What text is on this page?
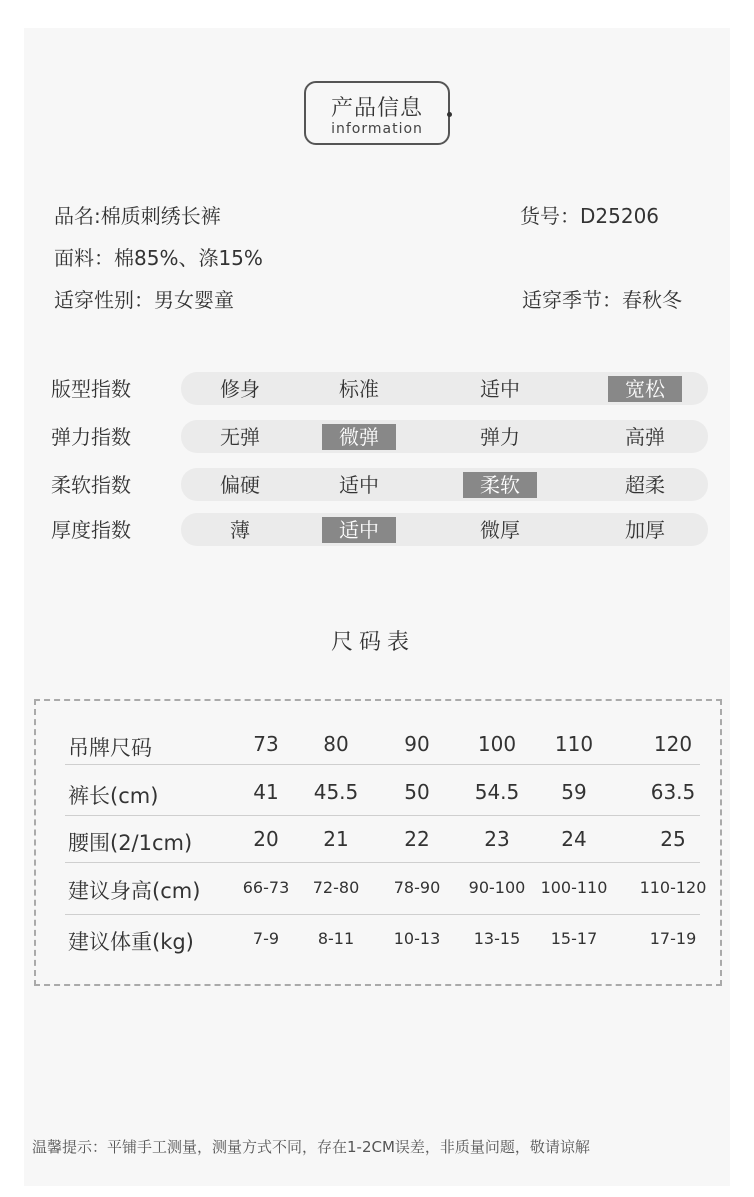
产品信息
information
品名:棉质刺绣长裤	货号：D25206
面料：棉85%、涤15%
适穿性别：男女婴童	适穿季节：春秋冬
版型指数	修身	标准	适中	宽松
弹力指数	无弹	微弹	弹力	高弹
柔软指数	偏硬	适中	柔软	超柔
厚度指数	薄	适中	微厚	加厚
尺码表
吊牌尺码	73	80	90	100	110	120
裤长(cm)	41	45.5	50	54.5	59	63.5
腰围(2/1cm)	20	21	22	23	24	25
建议身高(cm)	66-73	72-80	78-90	90-100 100-110	110-120
建议体重(kg)	7-9	8-11	10-13	13-15	15-17	17-19
温馨提示：平铺手工测量，测量方式不同，存在1-2CM误差，非质量问题，敬请谅解
